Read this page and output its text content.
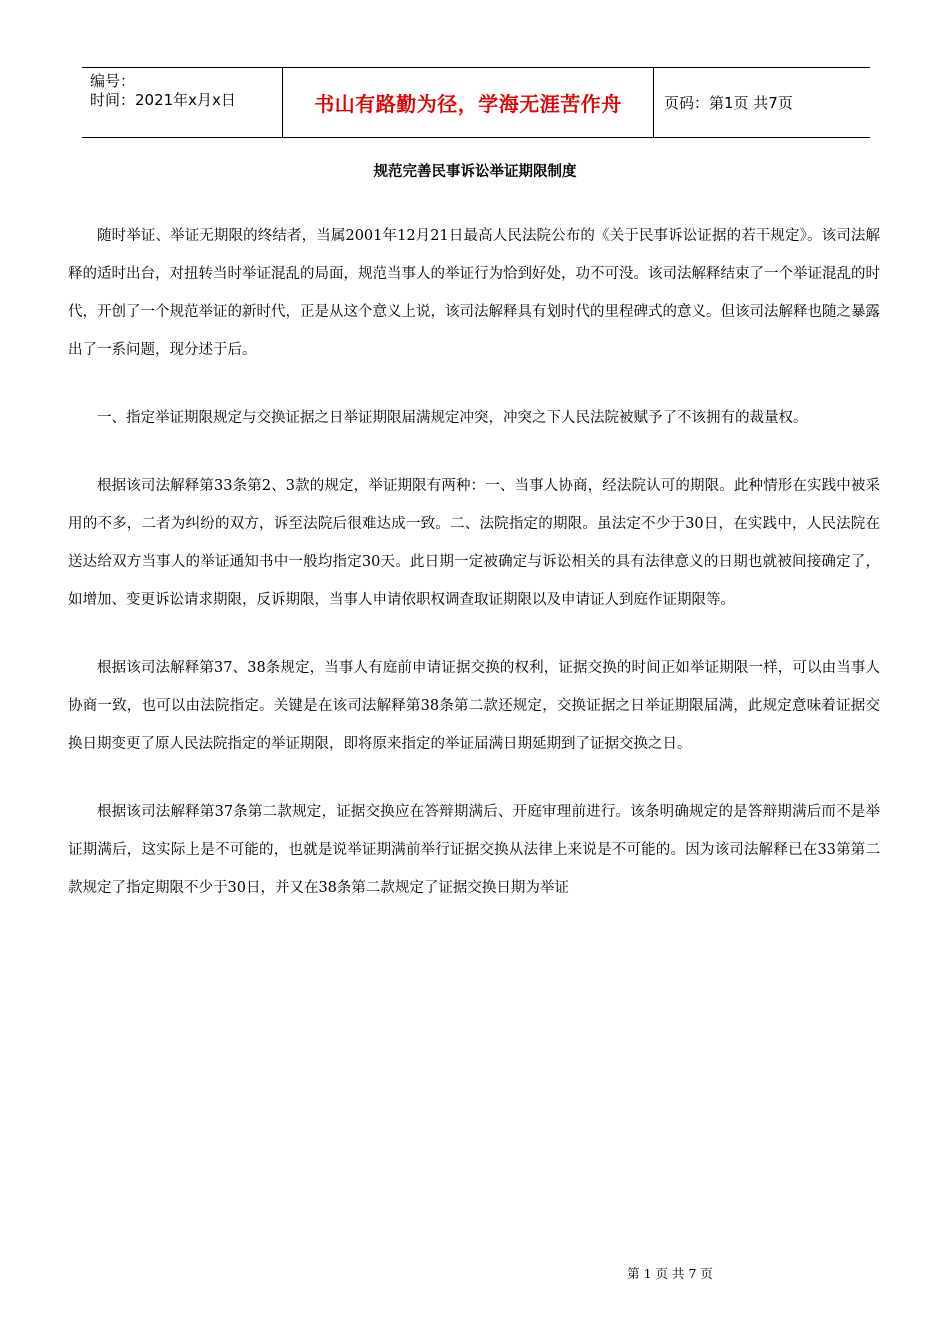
编号：
时间：2021年x月x日	书山有路勤为径，学海无涯苦作舟	页码：第1页 共7页
规范完善民事诉讼举证期限制度

随时举证、举证无期限的终结者，当属2001年12月21日最高人民法院公布的《关于民事诉讼证据的若干规定》。该司法解释的适时出台，对扭转当时举证混乱的局面，规范当事人的举证行为恰到好处，功不可没。该司法解释结束了一个举证混乱的时代，开创了一个规范举证的新时代，正是从这个意义上说，该司法解释具有划时代的里程碑式的意义。但该司法解释也随之暴露出了一系问题，现分述于后。

一、指定举证期限规定与交换证据之日举证期限届满规定冲突，冲突之下人民法院被赋予了不该拥有的裁量权。

根据该司法解释第33条第2、3款的规定，举证期限有两种：一、当事人协商，经法院认可的期限。此种情形在实践中被采用的不多，二者为纠纷的双方，诉至法院后很难达成一致。二、法院指定的期限。虽法定不少于30日，在实践中，人民法院在送达给双方当事人的举证通知书中一般均指定30天。此日期一定被确定与诉讼相关的具有法律意义的日期也就被间接确定了，如增加、变更诉讼请求期限，反诉期限，当事人申请依职权调查取证期限以及申请证人到庭作证期限等。

根据该司法解释第37、38条规定，当事人有庭前申请证据交换的权利，证据交换的时间正如举证期限一样，可以由当事人协商一致，也可以由法院指定。关键是在该司法解释第38条第二款还规定，交换证据之日举证期限届满，此规定意味着证据交换日期变更了原人民法院指定的举证期限，即将原来指定的举证届满日期延期到了证据交换之日。

根据该司法解释第37条第二款规定，证据交换应在答辩期满后、开庭审理前进行。该条明确规定的是答辩期满后而不是举证期满后，这实际上是不可能的，也就是说举证期满前举行证据交换从法律上来说是不可能的。因为该司法解释已在33第第二款规定了指定期限不少于30日，并又在38条第二款规定了证据交换日期为举证

第 1 页 共 7 页
